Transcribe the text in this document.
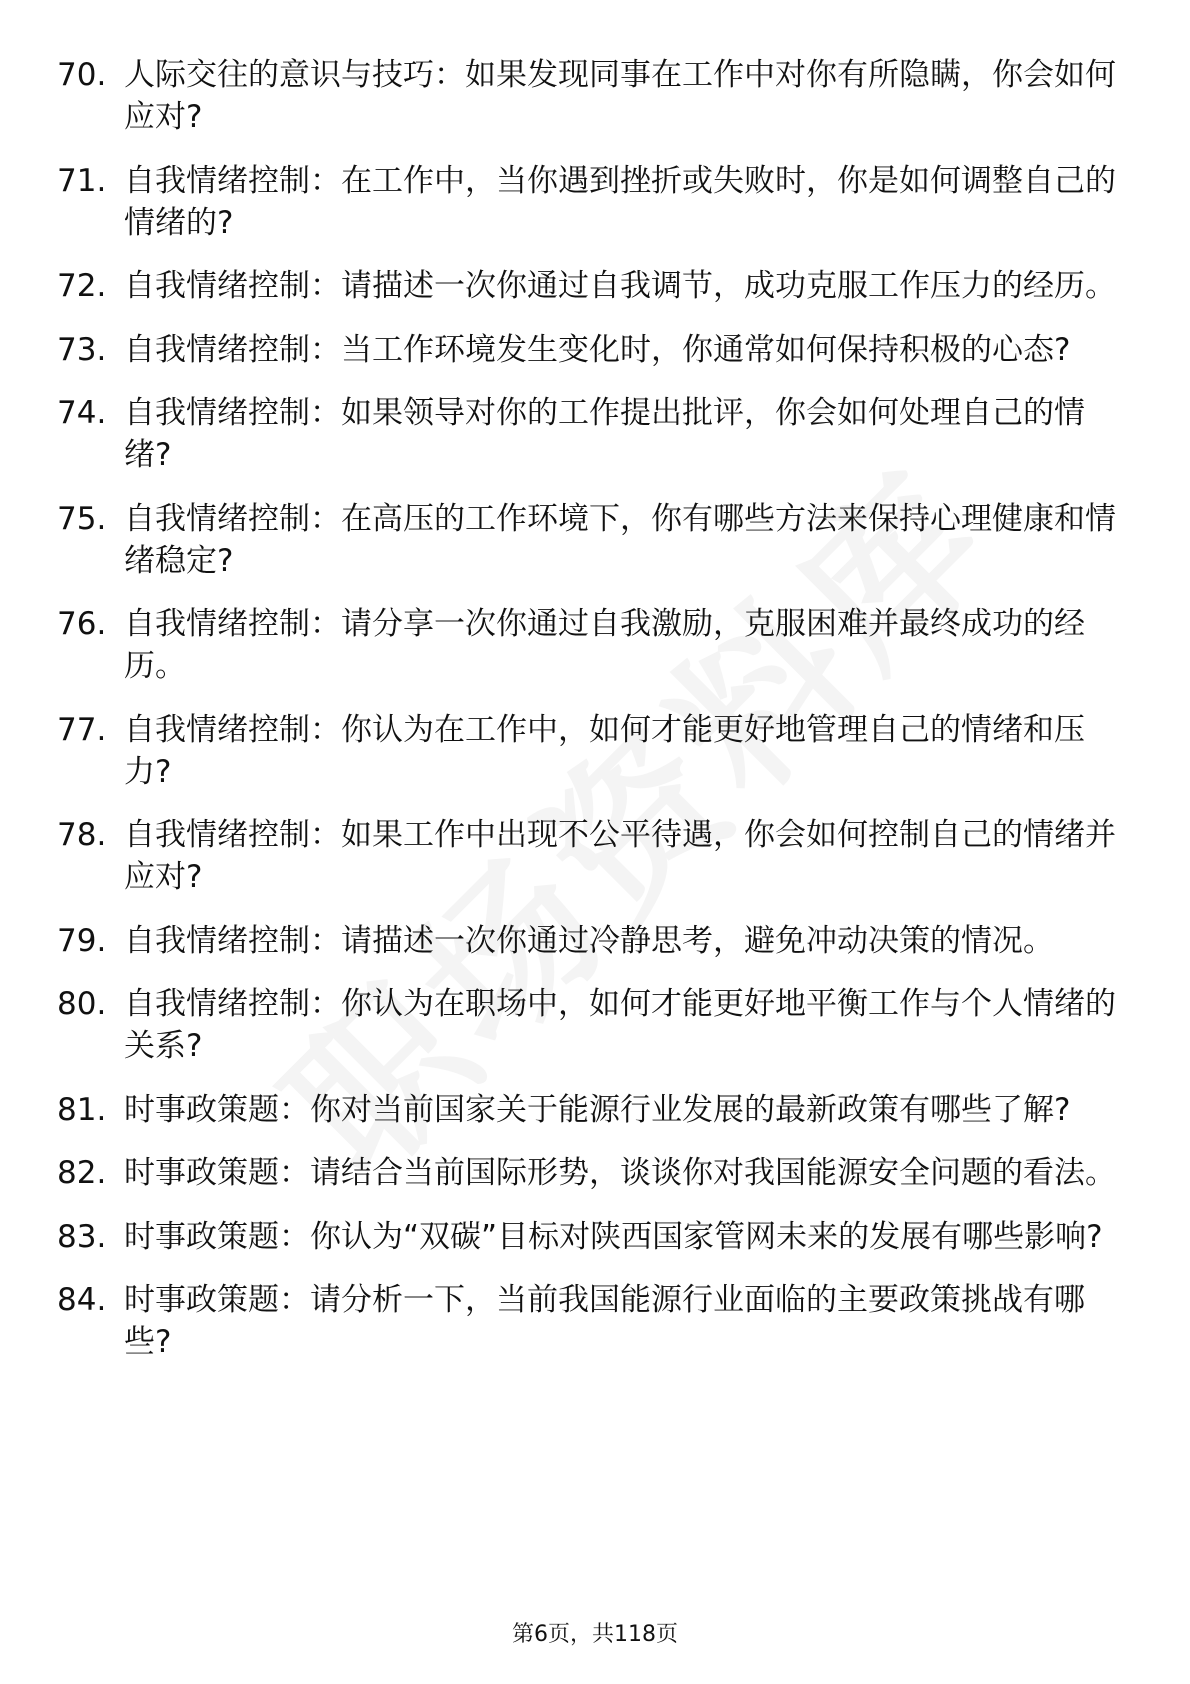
70. 人际交往的意识与技巧：如果发现同事在工作中对你有所隐瞒，你会如何应对?
71. 自我情绪控制：在工作中，当你遇到挫折或失败时，你是如何调整自己的情绪的?
72. 自我情绪控制：请描述一次你通过自我调节，成功克服工作压力的经历。
73. 自我情绪控制：当工作环境发生变化时，你通常如何保持积极的心态?
74. 自我情绪控制：如果领导对你的工作提出批评，你会如何处理自己的情绪?
75. 自我情绪控制：在高压的工作环境下，你有哪些方法来保持心理健康和情绪稳定?
76. 自我情绪控制：请分享一次你通过自我激励，克服困难并最终成功的经历。
77. 自我情绪控制：你认为在工作中，如何才能更好地管理自己的情绪和压力?
78. 自我情绪控制：如果工作中出现不公平待遇，你会如何控制自己的情绪并应对?
79. 自我情绪控制：请描述一次你通过冷静思考，避免冲动决策的情况。
80. 自我情绪控制：你认为在职场中，如何才能更好地平衡工作与个人情绪的关系?
81. 时事政策题：你对当前国家关于能源行业发展的最新政策有哪些了解?
82. 时事政策题：请结合当前国际形势，谈谈你对我国能源安全问题的看法。
83. 时事政策题：你认为“双碳”目标对陕西国家管网未来的发展有哪些影响?
84. 时事政策题：请分析一下，当前我国能源行业面临的主要政策挑战有哪些?
第6页，共118页
